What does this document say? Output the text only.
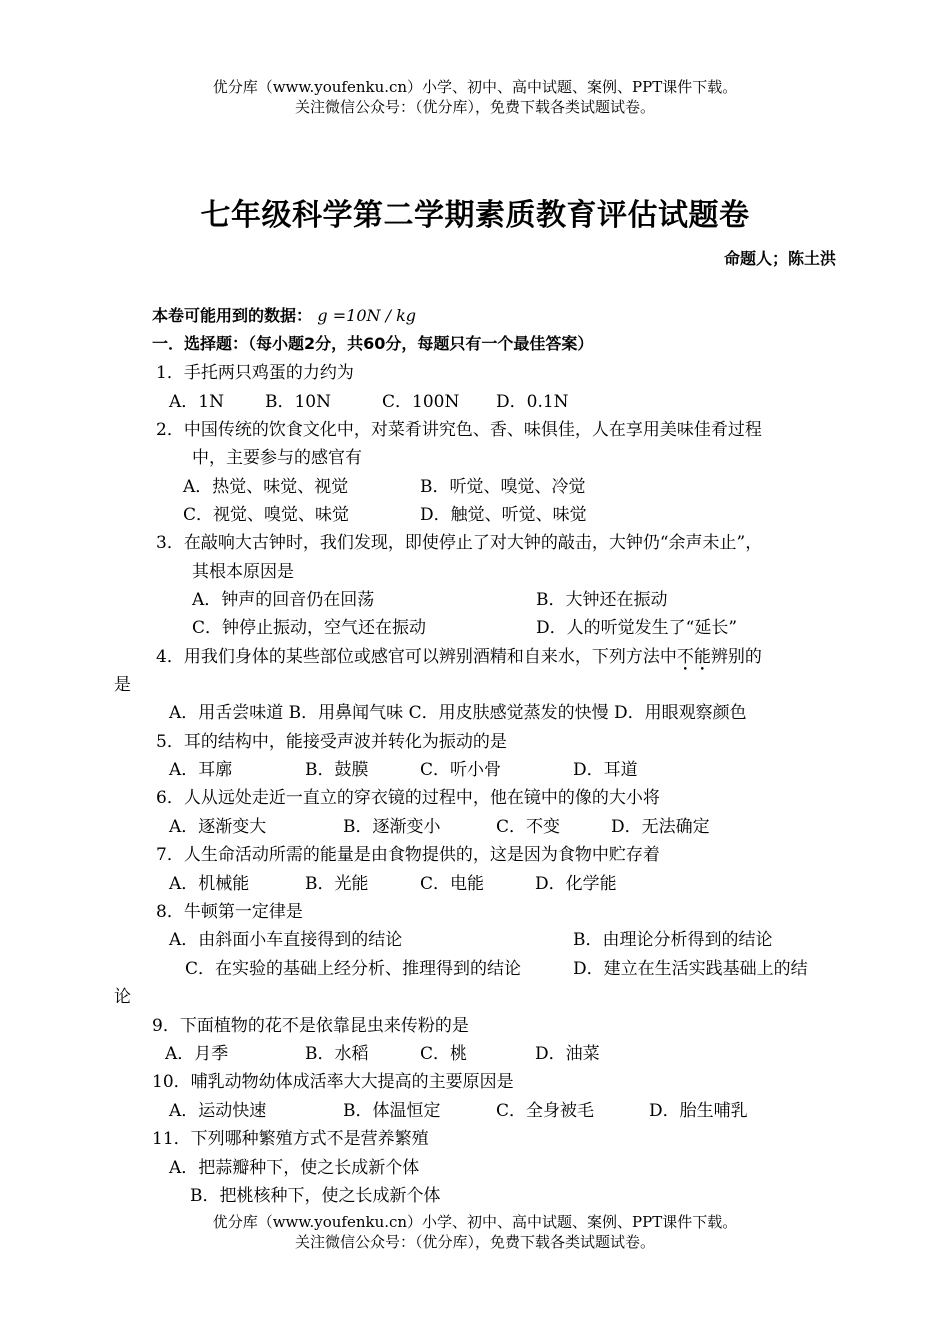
优分库（www.youfenku.cn）小学、初中、高中试题、案例、PPT课件下载。
关注微信公众号：（优分库），免费下载各类试题试卷。
七年级科学第二学期素质教育评估试题卷
命题人；陈土洪
本卷可能用到的数据： g =10N / kg
一．选择题：（每小题2分，共60分，每题只有一个最佳答案）
1．手托两只鸡蛋的力约为
A．1N B．10N	C．100N D．0.1N
2．中国传统的饮食文化中，对菜肴讲究色、香、味俱佳，人在享用美味佳肴过程
中，主要参与的感官有
A．热觉、味觉、视觉	B．听觉、嗅觉、冷觉
C．视觉、嗅觉、味觉	D．触觉、听觉、味觉
3．在敲响大古钟时，我们发现，即使停止了对大钟的敲击，大钟仍“余声未止”，
其根本原因是
A．钟声的回音仍在回荡	B．大钟还在振动
C．钟停止振动，空气还在振动	D．人的听觉发生了“延长”
4．用我们身体的某些部位或感官可以辨别酒精和自来水，下列方法中不能辨别的
是
A．用舌尝味道 B．用鼻闻气味 C．用皮肤感觉蒸发的快慢 D．用眼观察颜色
5．耳的结构中，能接受声波并转化为振动的是
A．耳廓	B．鼓膜	C．听小骨	D．耳道
6．人从远处走近一直立的穿衣镜的过程中，他在镜中的像的大小将
A．逐渐变大	B．逐渐变小	C．不变	D．无法确定
7．人生命活动所需的能量是由食物提供的，这是因为食物中贮存着
A．机械能	B．光能	C．电能	D．化学能
8．牛顿第一定律是
A．由斜面小车直接得到的结论	B．由理论分析得到的结论
C．在实验的基础上经分析、推理得到的结论	D．建立在生活实践基础上的结
论
9．下面植物的花不是依靠昆虫来传粉的是
A．月季	B．水稻	C．桃	D．油菜
10．哺乳动物幼体成活率大大提高的主要原因是
A．运动快速	B．体温恒定	C．全身被毛	D．胎生哺乳
11．下列哪种繁殖方式不是营养繁殖
A．把蒜瓣种下，使之长成新个体
B．把桃核种下，使之长成新个体
优分库（www.youfenku.cn）小学、初中、高中试题、案例、PPT课件下载。
关注微信公众号：（优分库），免费下载各类试题试卷。
